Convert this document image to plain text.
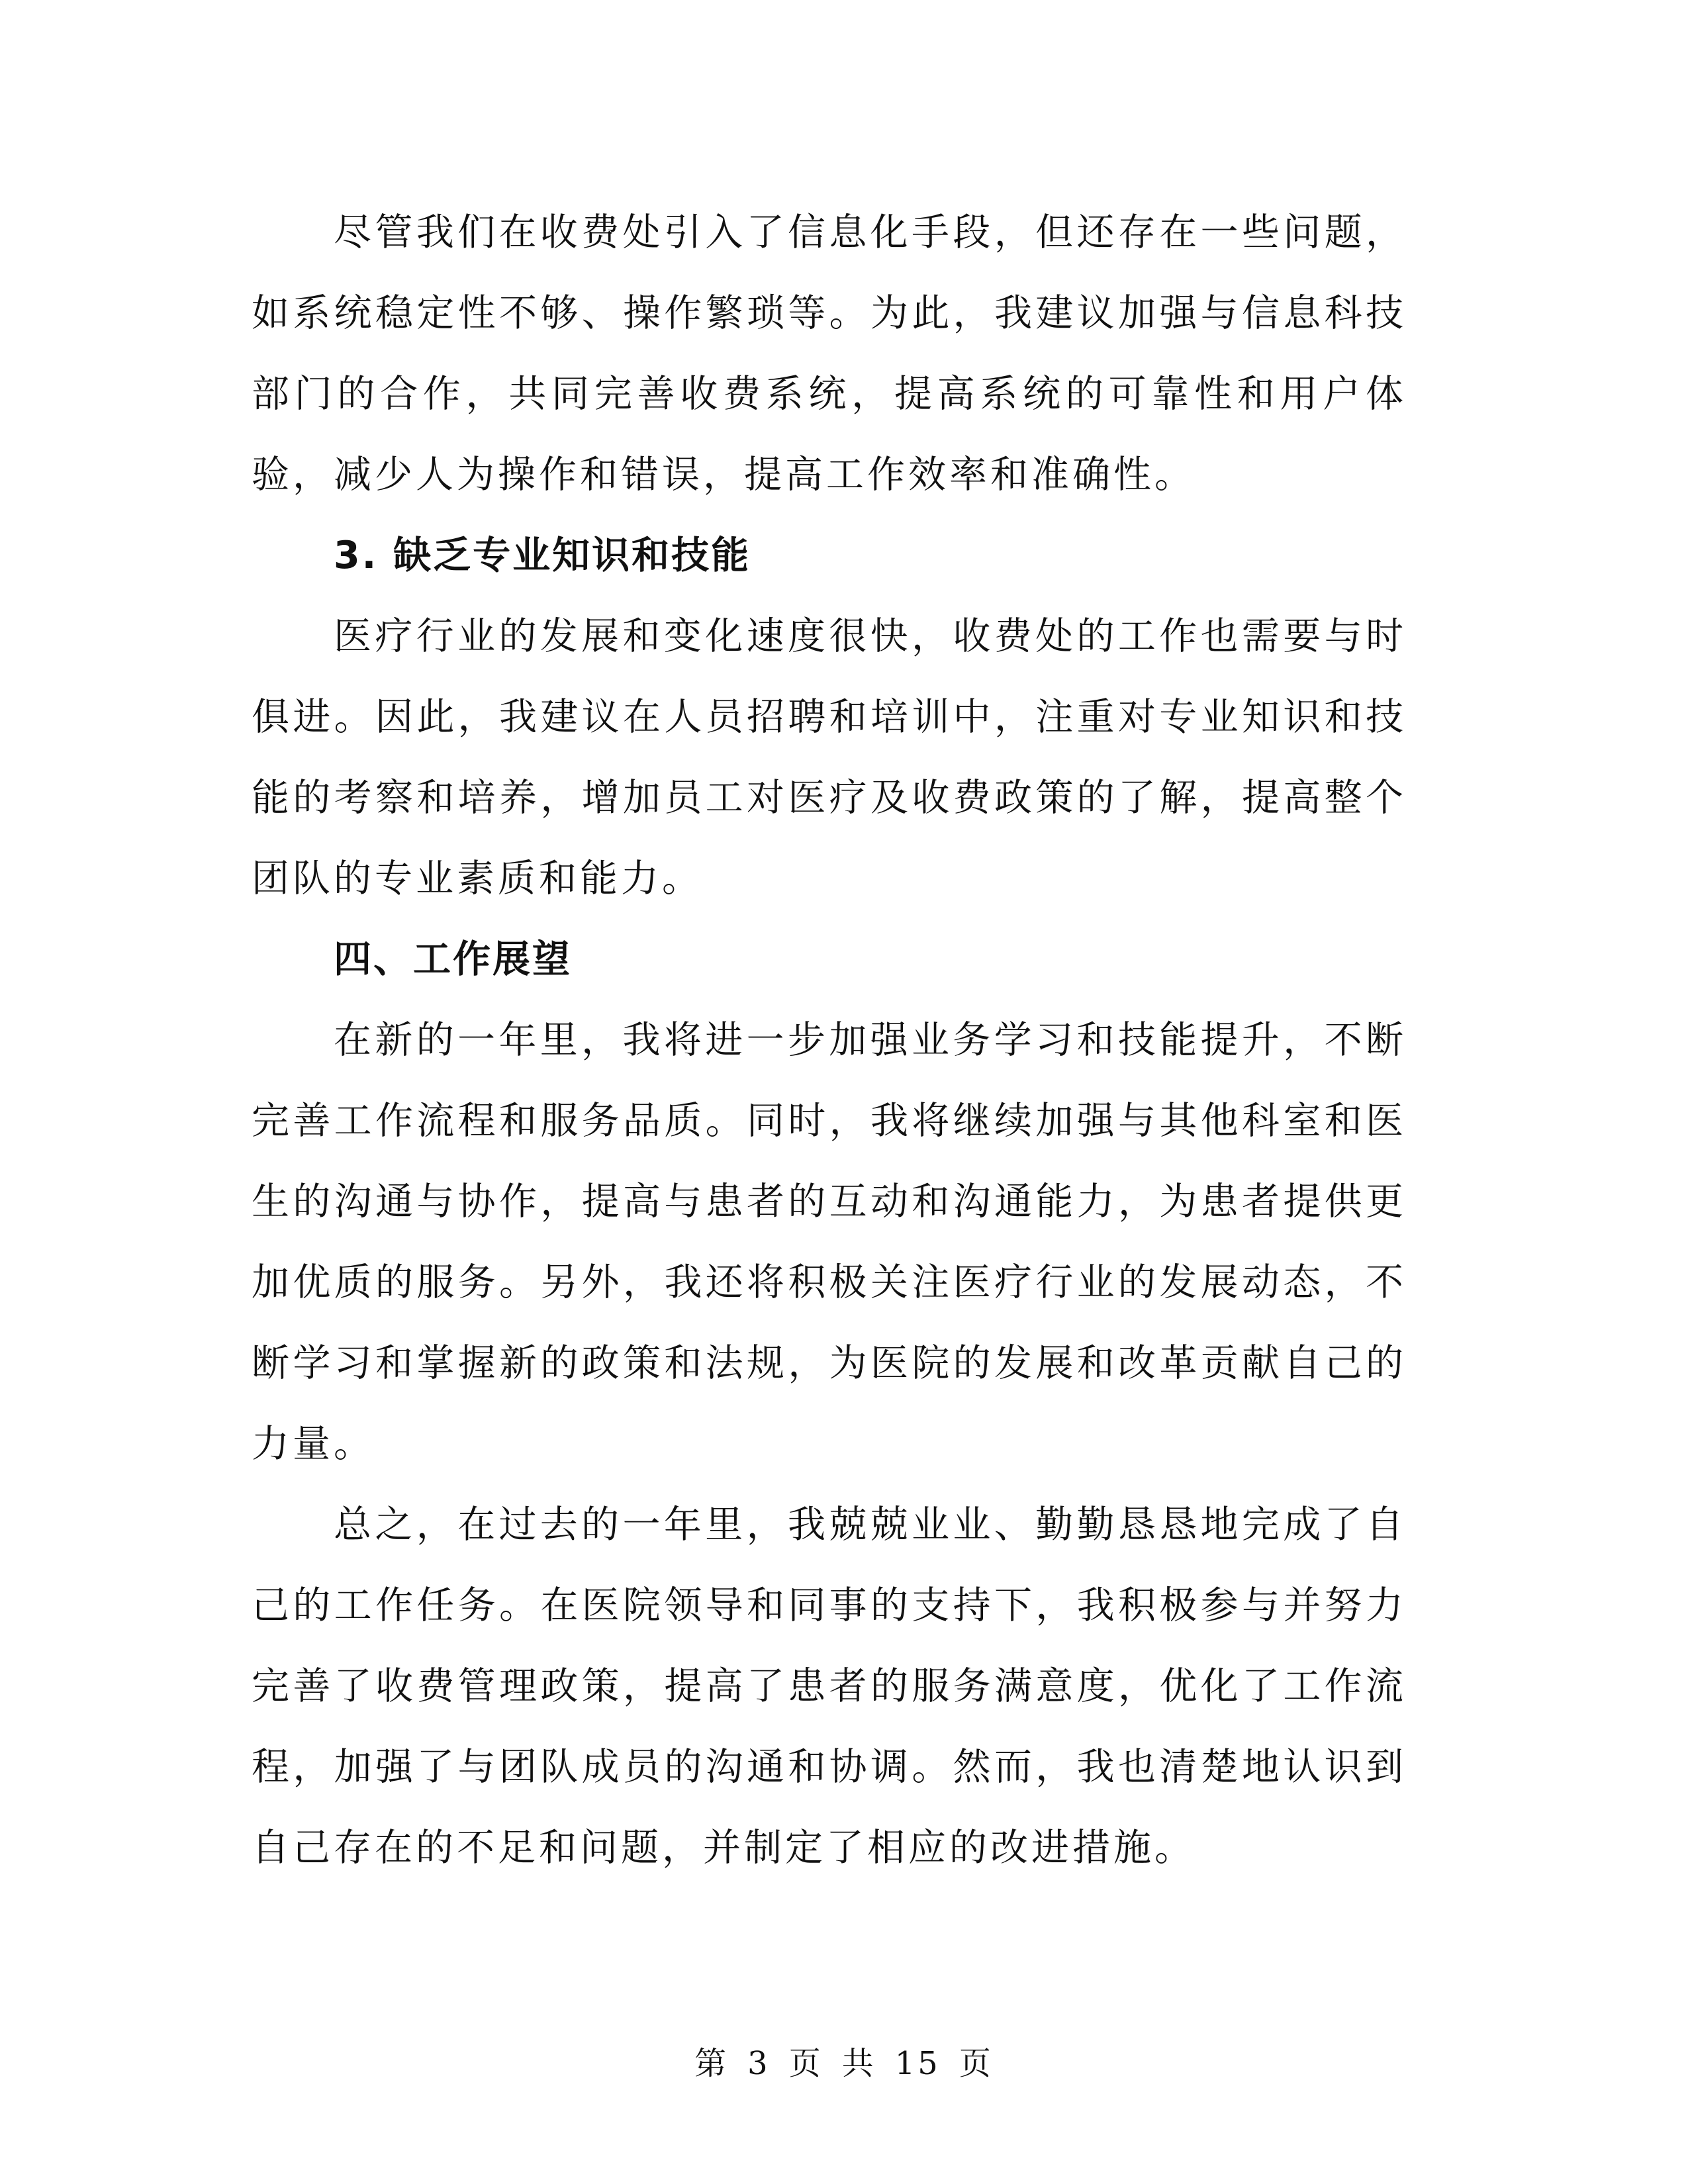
尽管我们在收费处引入了信息化手段，但还存在一些问题，如系统稳定性不够、操作繁琐等。为此，我建议加强与信息科技部门的合作，共同完善收费系统，提高系统的可靠性和用户体验，减少人为操作和错误，提高工作效率和准确性。

3. 缺乏专业知识和技能

医疗行业的发展和变化速度很快，收费处的工作也需要与时俱进。因此，我建议在人员招聘和培训中，注重对专业知识和技能的考察和培养，增加员工对医疗及收费政策的了解，提高整个团队的专业素质和能力。

四、工作展望

在新的一年里，我将进一步加强业务学习和技能提升，不断完善工作流程和服务品质。同时，我将继续加强与其他科室和医生的沟通与协作，提高与患者的互动和沟通能力，为患者提供更加优质的服务。另外，我还将积极关注医疗行业的发展动态，不断学习和掌握新的政策和法规，为医院的发展和改革贡献自己的力量。

总之，在过去的一年里，我兢兢业业、勤勤恳恳地完成了自己的工作任务。在医院领导和同事的支持下，我积极参与并努力完善了收费管理政策，提高了患者的服务满意度，优化了工作流程，加强了与团队成员的沟通和协调。然而，我也清楚地认识到自己存在的不足和问题，并制定了相应的改进措施。

第 3 页 共 15 页
